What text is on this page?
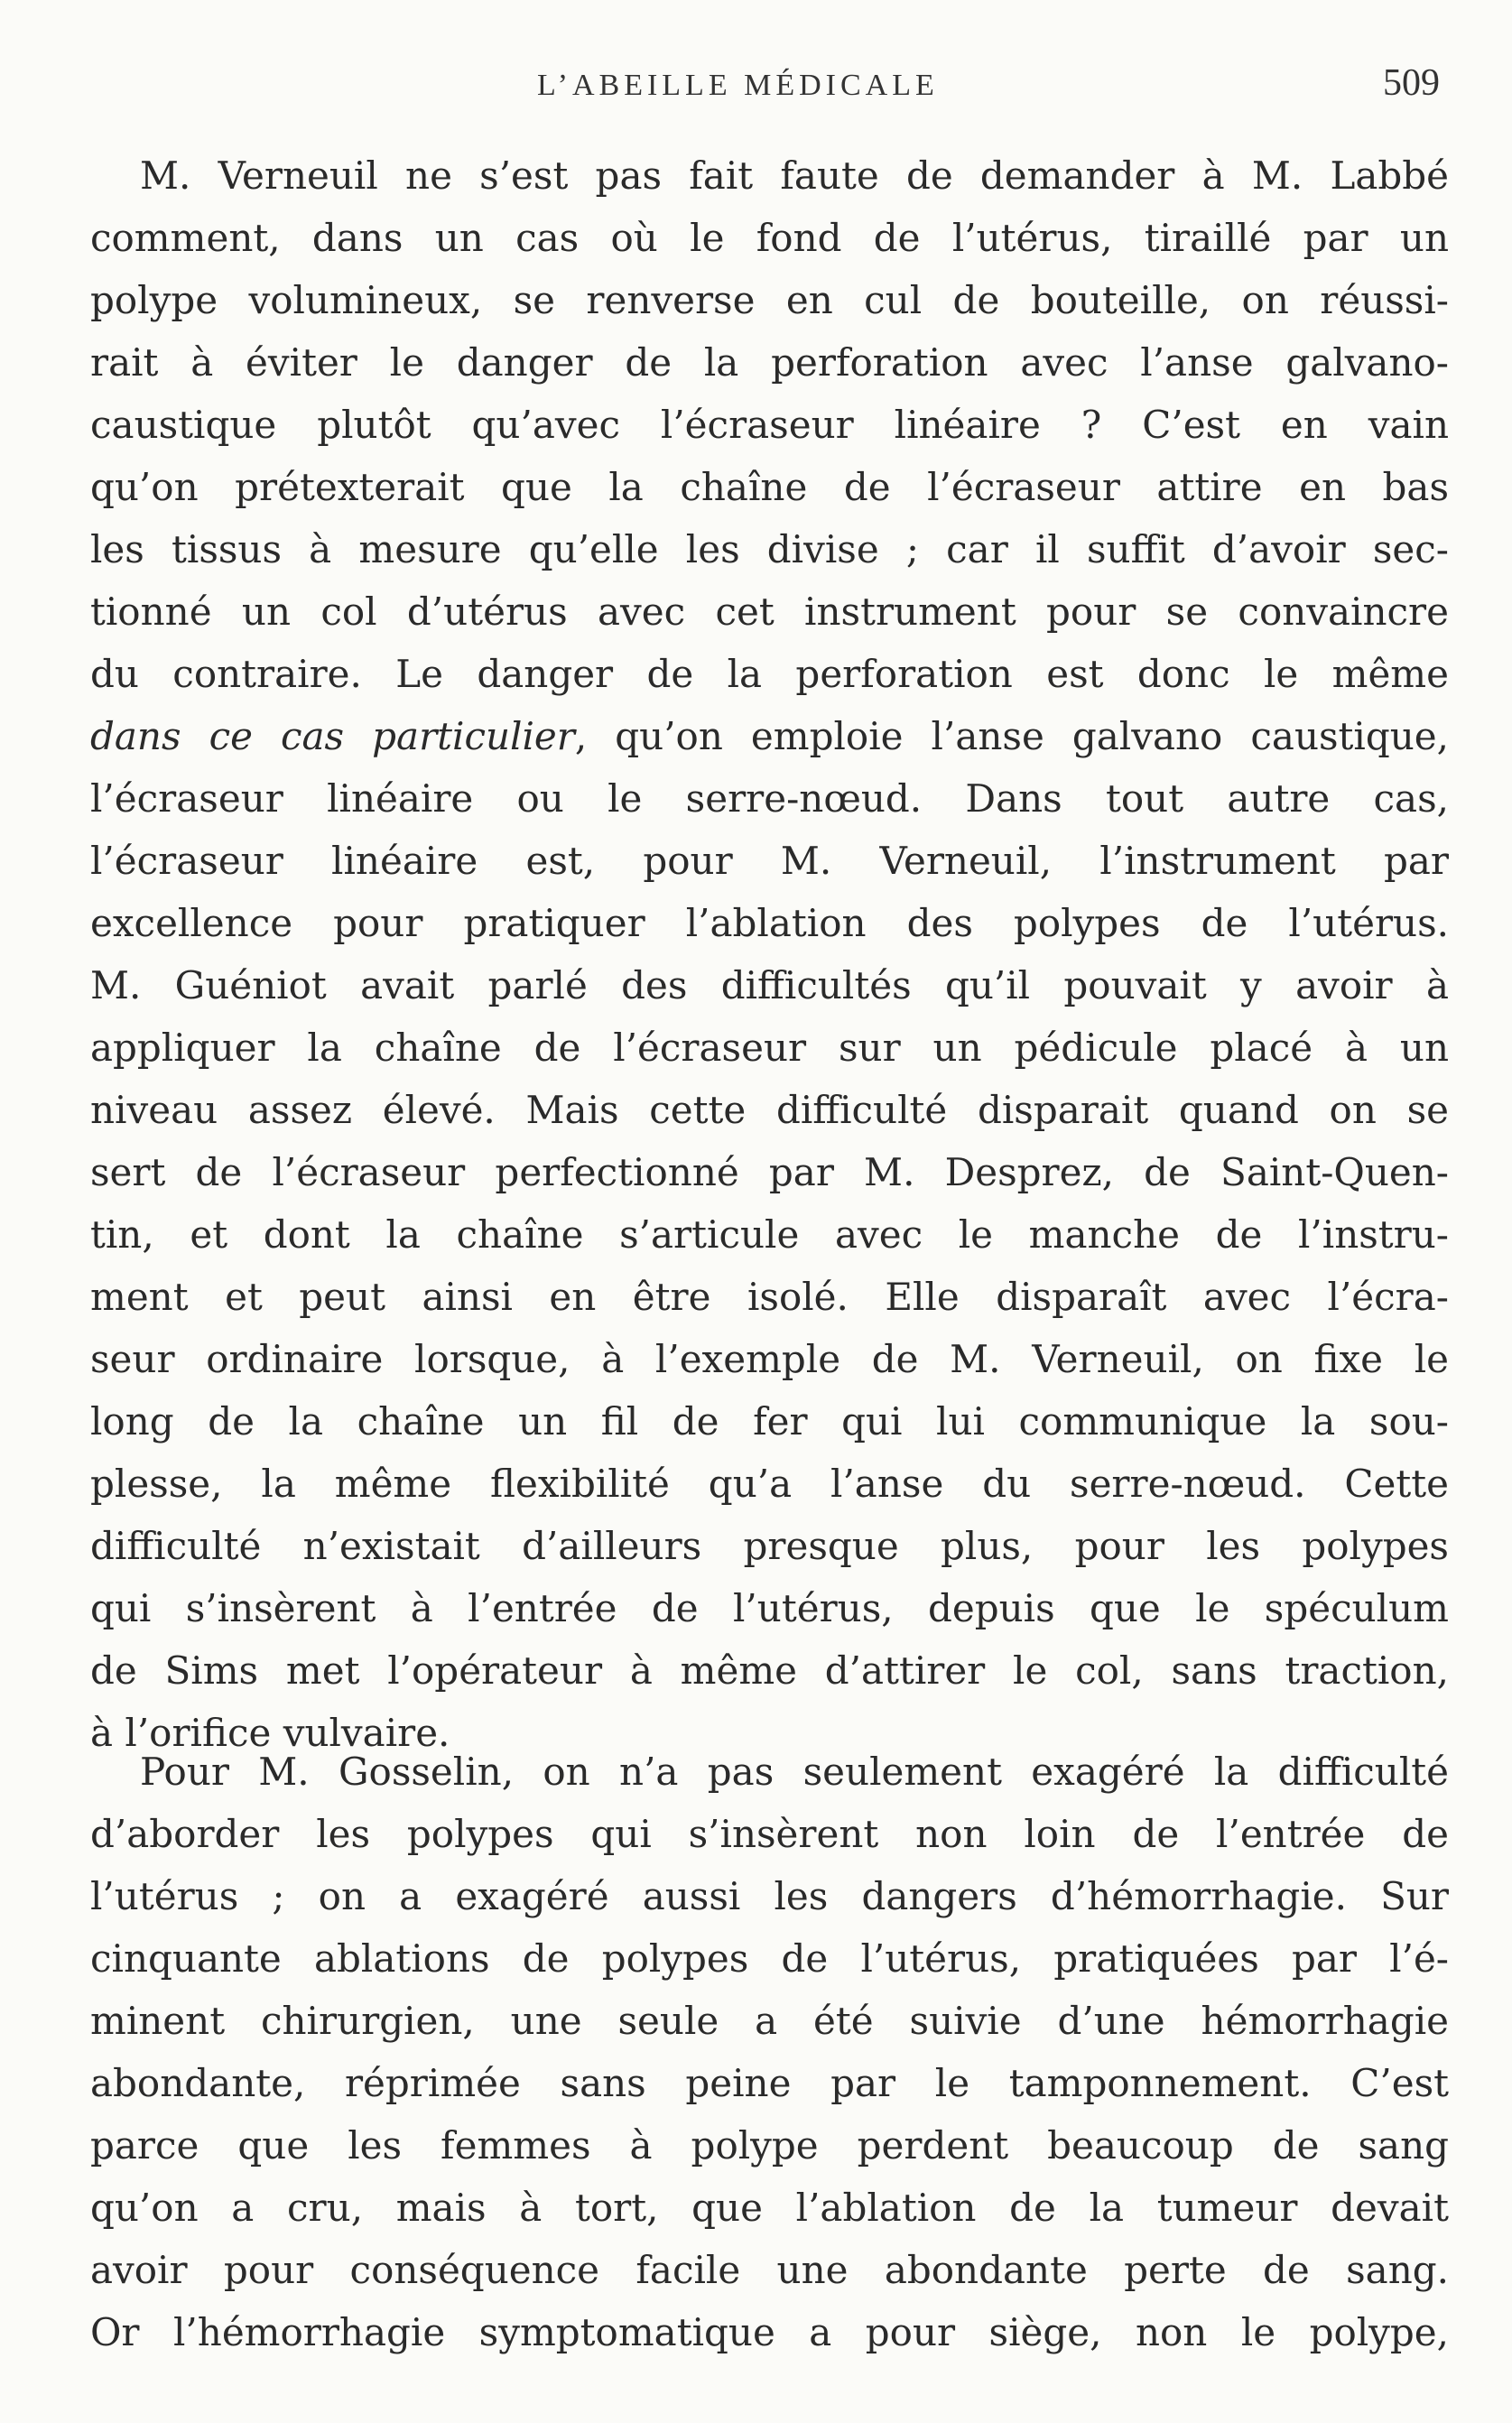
L’ABEILLE MÉDICALE	509
M. Verneuil ne s’est pas fait faute de demander à M. Labbé
comment, dans un cas où le fond de l’utérus, tiraillé par un
polype volumineux, se renverse en cul de bouteille, on réussi-
rait à éviter le danger de la perforation avec l’anse galvano-
caustique plutôt qu’avec l’écraseur linéaire ? C’est en vain
qu’on prétexterait que la chaîne de l’écraseur attire en bas
les tissus à mesure qu’elle les divise ; car il suffit d’avoir sec-
tionné un col d’utérus avec cet instrument pour se convaincre
du contraire. Le danger de la perforation est donc le même
dans ce cas particulier, qu’on emploie l’anse galvano caustique,
l’écraseur linéaire ou le serre-nœud. Dans tout autre cas,
l’écraseur linéaire est, pour M. Verneuil, l’instrument par
excellence pour pratiquer l’ablation des polypes de l’utérus.
M. Guéniot avait parlé des difficultés qu’il pouvait y avoir à
appliquer la chaîne de l’écraseur sur un pédicule placé à un
niveau assez élevé. Mais cette difficulté disparait quand on se
sert de l’écraseur perfectionné par M. Desprez, de Saint-Quen-
tin, et dont la chaîne s’articule avec le manche de l’instru-
ment et peut ainsi en être isolé. Elle disparaît avec l’écra-
seur ordinaire lorsque, à l’exemple de M. Verneuil, on fixe le
long de la chaîne un fil de fer qui lui communique la sou-
plesse, la même flexibilité qu’a l’anse du serre-nœud. Cette
difficulté n’existait d’ailleurs presque plus, pour les polypes
qui s’insèrent à l’entrée de l’utérus, depuis que le spéculum
de Sims met l’opérateur à même d’attirer le col, sans traction,
à l’orifice vulvaire.
Pour M. Gosselin, on n’a pas seulement exagéré la difficulté
d’aborder les polypes qui s’insèrent non loin de l’entrée de
l’utérus ; on a exagéré aussi les dangers d’hémorrhagie. Sur
cinquante ablations de polypes de l’utérus, pratiquées par l’é-
minent chirurgien, une seule a été suivie d’une hémorrhagie
abondante, réprimée sans peine par le tamponnement. C’est
parce que les femmes à polype perdent beaucoup de sang
qu’on a cru, mais à tort, que l’ablation de la tumeur devait
avoir pour conséquence facile une abondante perte de sang.
Or l’hémorrhagie symptomatique a pour siège, non le polype,
